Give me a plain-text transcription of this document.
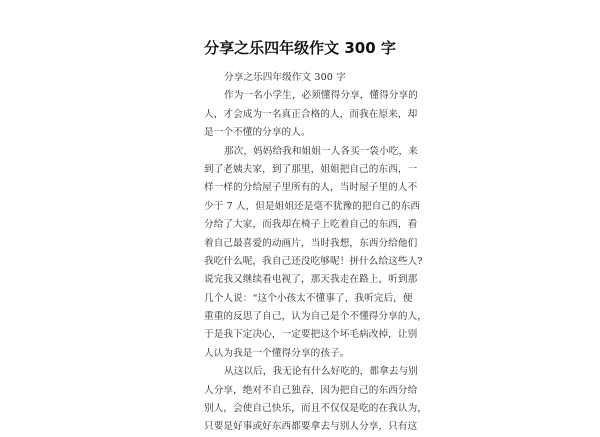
分享之乐四年级作文 300 字
分享之乐四年级作文 300 字
作为一名小学生，必须懂得分享，懂得分享的
人，才会成为一名真正合格的人，而我在原来，却
是一个不懂的分享的人。
那次，妈妈给我和姐姐一人各买一袋小吃，来
到了老姨夫家，到了那里，姐姐把自己的东西，一
样一样的分给屋子里所有的人，当时屋子里的人不
少于 7 人，但是姐姐还是毫不犹豫的把自己的东西
分给了大家，而我却在椅子上吃着自己的东西，看
着自己最喜爱的动画片，当时我想，东西分给他们
我吃什么呢，我自己还没吃够呢！拼什么给这些人?
说完我又继续看电视了，那天我走在路上，听到那
几个人说：“这个小孩太不懂事了，我听完后，便
重重的反思了自己，认为自己是个不懂得分享的人，
于是我下定决心，一定要把这个坏毛病改掉，让别
人认为我是一个懂得分享的孩子。
从这以后，我无论有什么好吃的，都拿去与别
人分享，绝对不自己独吞，因为把自己的东西分给
别人，会使自己快乐，而且不仅仅是吃的在我认为，
只要是好事或好东西都要拿去与别人分享，只有这
